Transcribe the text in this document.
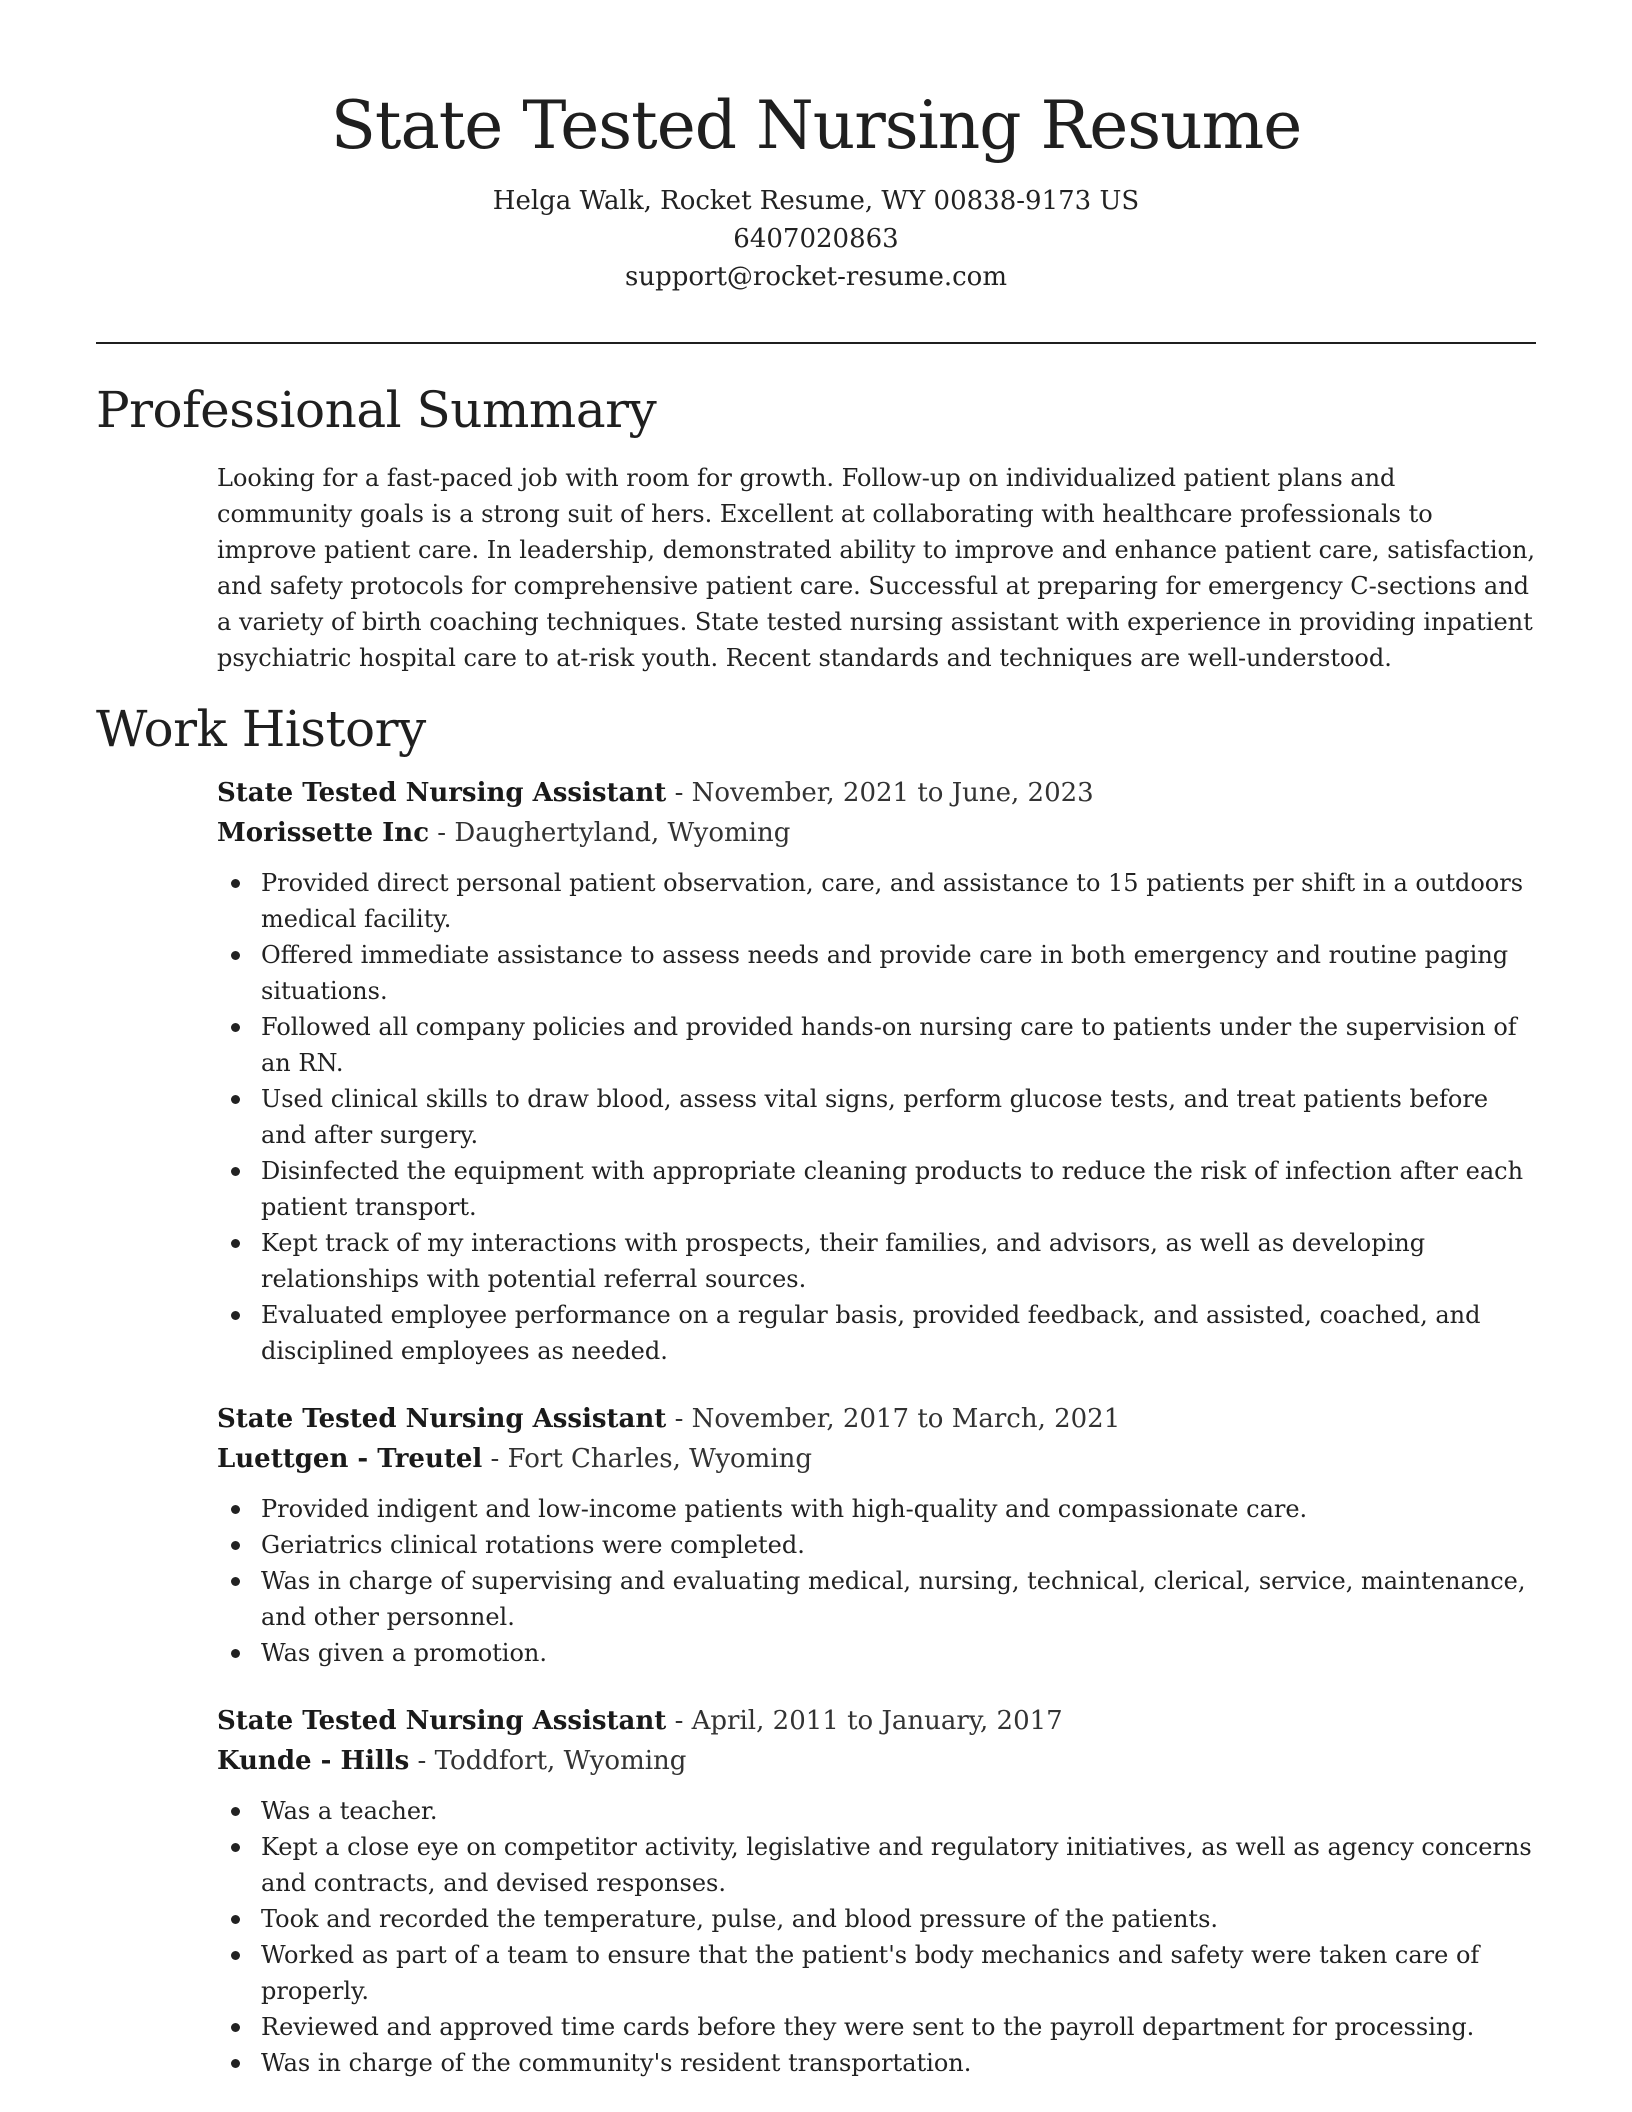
State Tested Nursing Resume
Helga Walk, Rocket Resume, WY 00838-9173 US
6407020863
support@rocket-resume.com
Professional Summary

Looking for a fast-paced job with room for growth. Follow-up on individualized patient plans and community goals is a strong suit of hers. Excellent at collaborating with healthcare professionals to improve patient care. In leadership, demonstrated ability to improve and enhance patient care, satisfaction, and safety protocols for comprehensive patient care. Successful at preparing for emergency C-sections and a variety of birth coaching techniques. State tested nursing assistant with experience in providing inpatient psychiatric hospital care to at-risk youth. Recent standards and techniques are well-understood.

Work History
State Tested Nursing Assistant - November, 2021 to June, 2023
Morissette Inc - Daughertyland, Wyoming
Provided direct personal patient observation, care, and assistance to 15 patients per shift in a outdoors medical facility.
Offered immediate assistance to assess needs and provide care in both emergency and routine paging situations.
Followed all company policies and provided hands-on nursing care to patients under the supervision of an RN.
Used clinical skills to draw blood, assess vital signs, perform glucose tests, and treat patients before and after surgery.
Disinfected the equipment with appropriate cleaning products to reduce the risk of infection after each patient transport.
Kept track of my interactions with prospects, their families, and advisors, as well as developing relationships with potential referral sources.
Evaluated employee performance on a regular basis, provided feedback, and assisted, coached, and disciplined employees as needed.
State Tested Nursing Assistant - November, 2017 to March, 2021
Luettgen - Treutel - Fort Charles, Wyoming
Provided indigent and low-income patients with high-quality and compassionate care.
Geriatrics clinical rotations were completed.
Was in charge of supervising and evaluating medical, nursing, technical, clerical, service, maintenance, and other personnel.
Was given a promotion.
State Tested Nursing Assistant - April, 2011 to January, 2017
Kunde - Hills - Toddfort, Wyoming
Was a teacher.
Kept a close eye on competitor activity, legislative and regulatory initiatives, as well as agency concerns and contracts, and devised responses.
Took and recorded the temperature, pulse, and blood pressure of the patients.
Worked as part of a team to ensure that the patient's body mechanics and safety were taken care of properly.
Reviewed and approved time cards before they were sent to the payroll department for processing.
Was in charge of the community's resident transportation.
